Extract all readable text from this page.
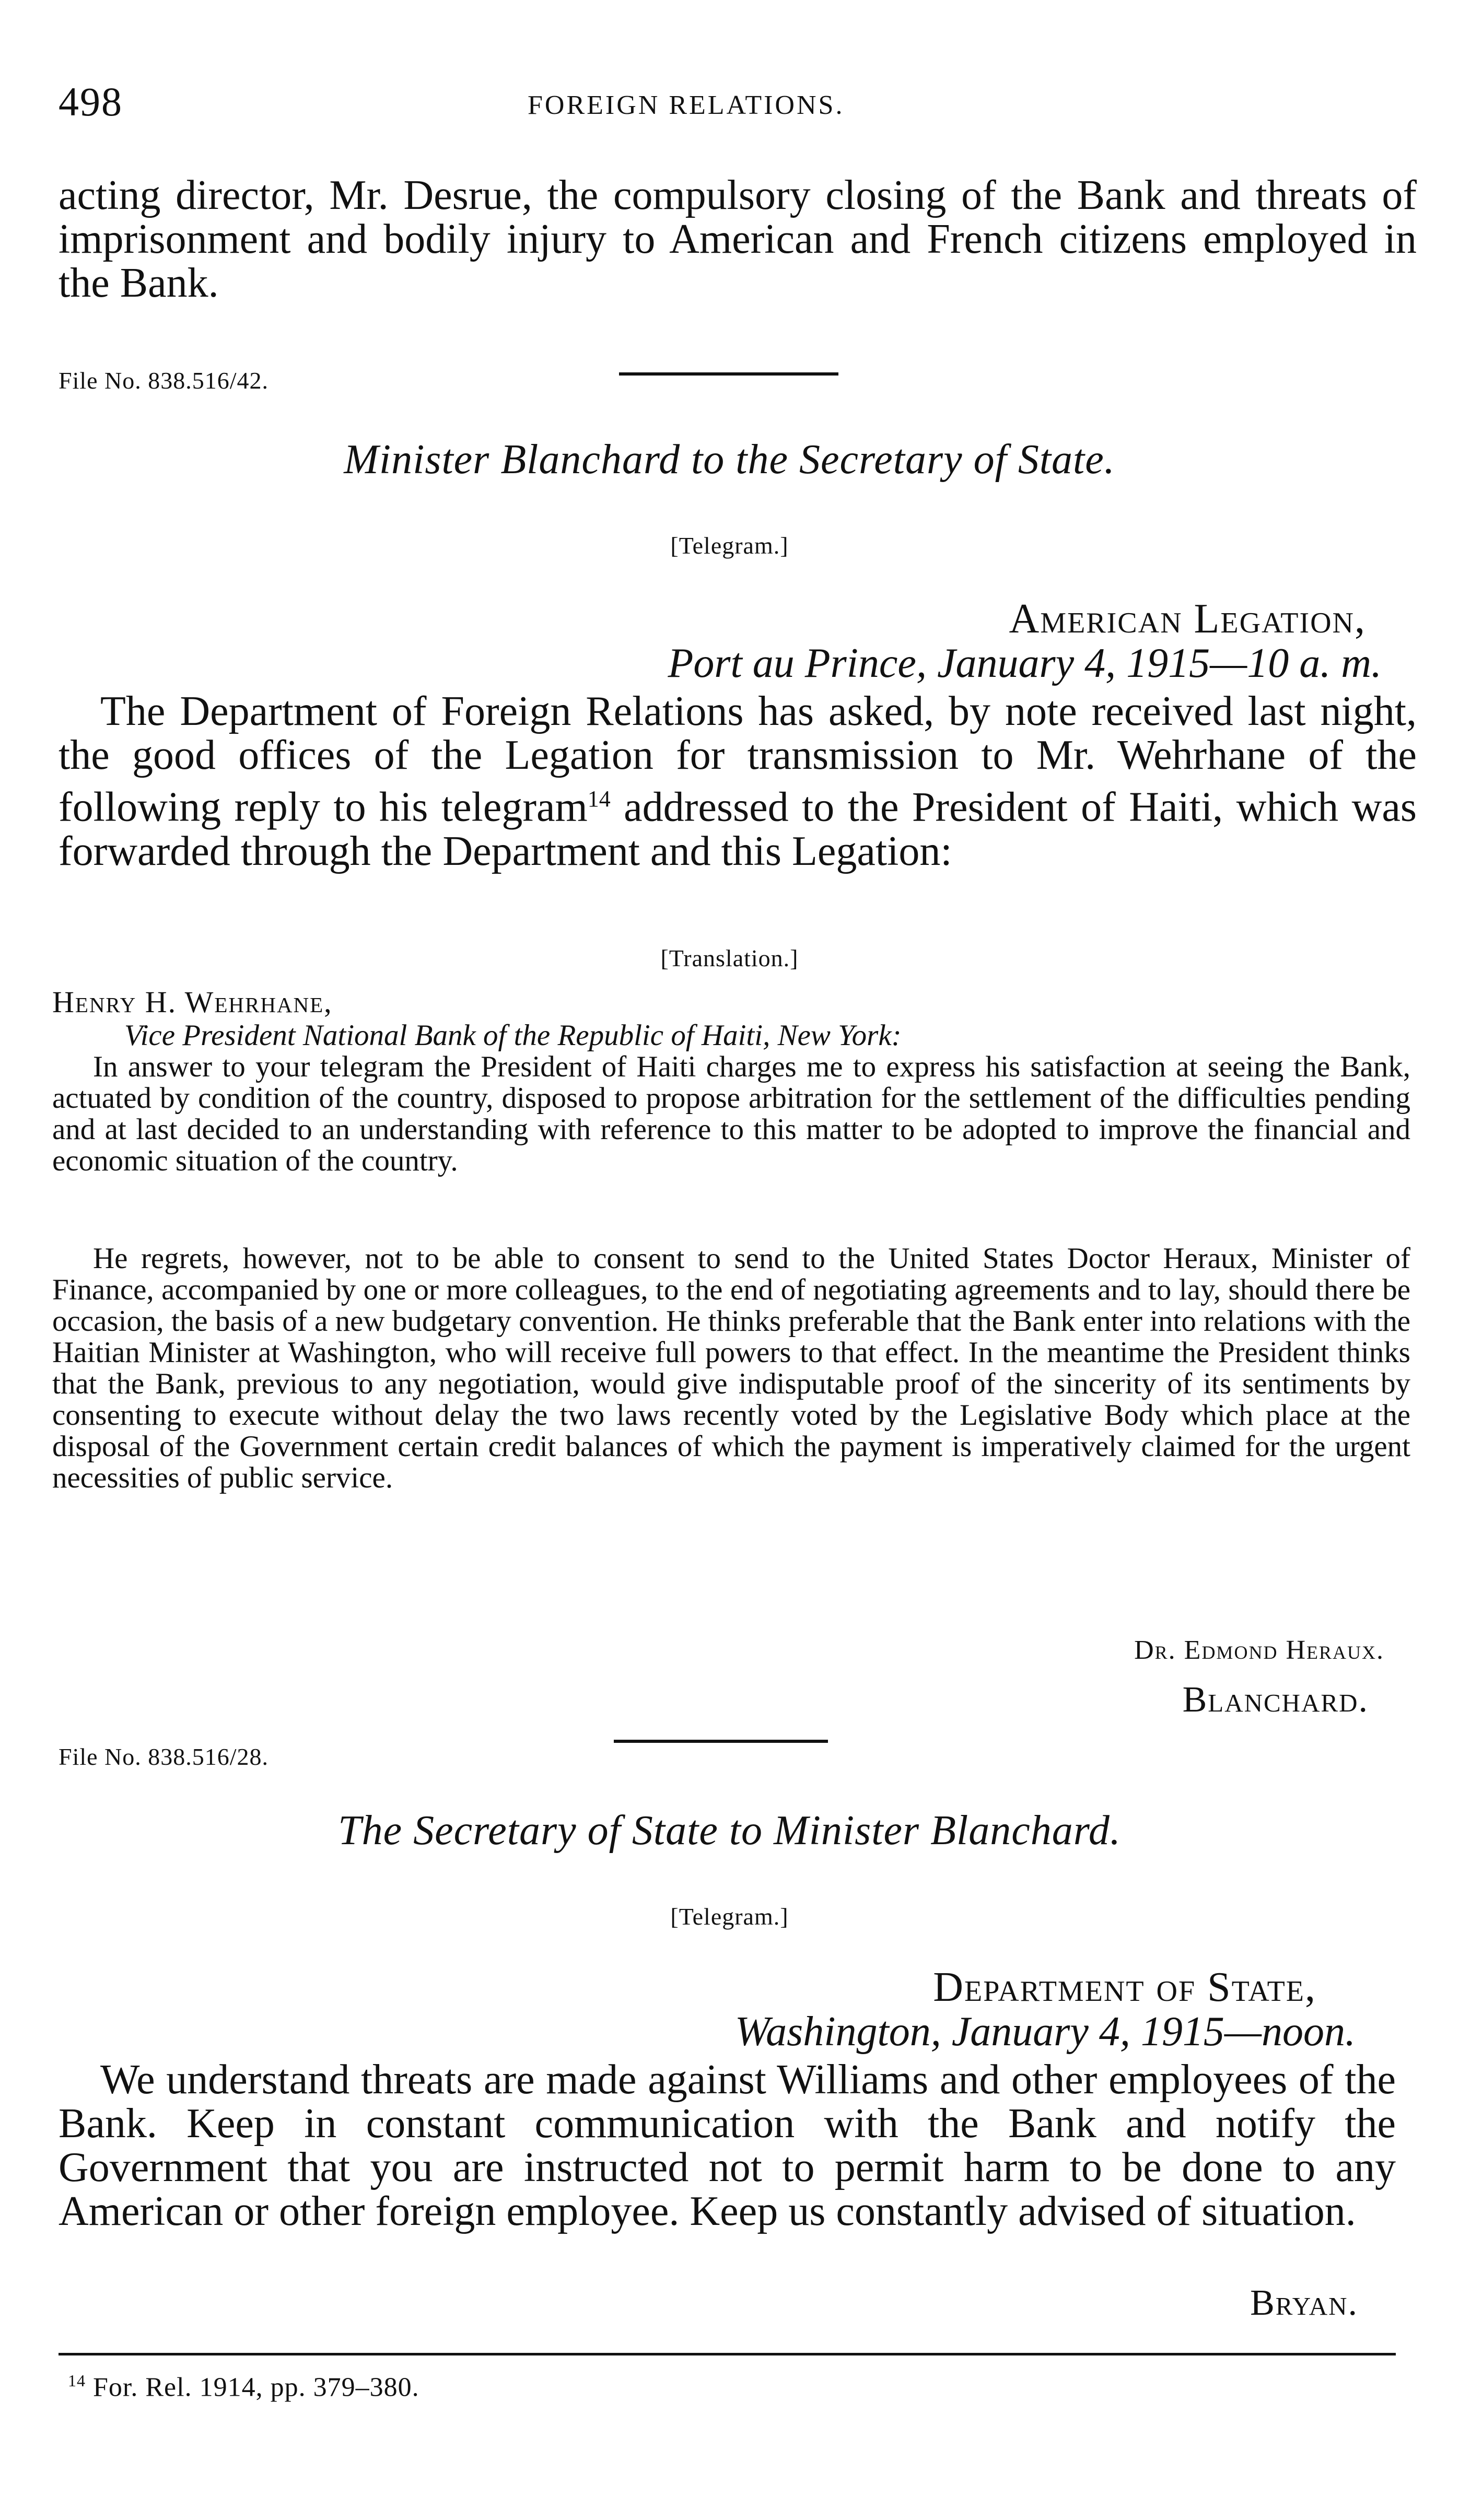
498	FOREIGN RELATIONS.
acting director, Mr. Desrue, the compulsory closing of the Bank and threats of imprisonment and bodily injury to American and French citizens employed in the Bank.
File No. 838.516/42.
Minister Blanchard to the Secretary of State.
[Telegram.]
American Legation,
Port au Prince, January 4, 1915—10 a. m.
The Department of Foreign Relations has asked, by note received last night, the good offices of the Legation for transmission to Mr. Wehrhane of the following reply to his telegram$^{14}$ addressed to the President of Haiti, which was forwarded through the Department and this Legation:
[Translation.]
Henry H. Wehrhane,
Vice President National Bank of the Republic of Haiti, New York:
In answer to your telegram the President of Haiti charges me to express his satisfaction at seeing the Bank, actuated by condition of the country, disposed to propose arbitration for the settlement of the difficulties pending and at last decided to an understanding with reference to this matter to be adopted to improve the financial and economic situation of the country.
He regrets, however, not to be able to consent to send to the United States Doctor Heraux, Minister of Finance, accompanied by one or more colleagues, to the end of negotiating agreements and to lay, should there be occasion, the basis of a new budgetary convention. He thinks preferable that the Bank enter into relations with the Haitian Minister at Washington, who will receive full powers to that effect. In the meantime the President thinks that the Bank, previous to any negotiation, would give indisputable proof of the sincerity of its sentiments by consenting to execute without delay the two laws recently voted by the Legislative Body which place at the disposal of the Government certain credit balances of which the payment is imperatively claimed for the urgent necessities of public service.
Dr. Edmond Heraux.
Blanchard.
File No. 838.516/28.
The Secretary of State to Minister Blanchard.
[Telegram.]
Department of State,
Washington, January 4, 1915—noon.
We understand threats are made against Williams and other employees of the Bank. Keep in constant communication with the Bank and notify the Government that you are instructed not to permit harm to be done to any American or other foreign employee. Keep us constantly advised of situation.
Bryan.
$^{14}$ For. Rel. 1914, pp. 379–380.
